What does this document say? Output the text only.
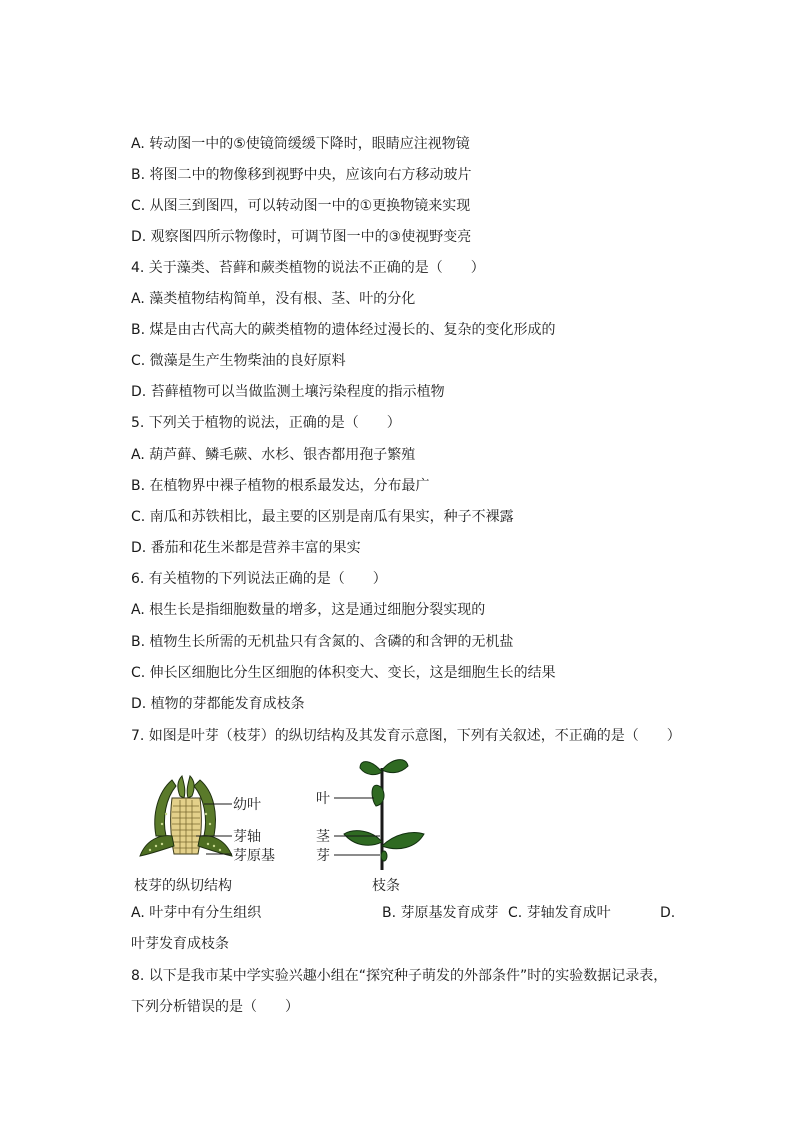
A. 转动图一中的⑤使镜筒缓缓下降时，眼睛应注视物镜
B. 将图二中的物像移到视野中央，应该向右方移动玻片
C. 从图三到图四，可以转动图一中的①更换物镜来实现
D. 观察图四所示物像时，可调节图一中的③使视野变亮
4. 关于藻类、苔藓和蕨类植物的说法不正确的是（　　）
A. 藻类植物结构简单，没有根、茎、叶的分化
B. 煤是由古代高大的蕨类植物的遗体经过漫长的、复杂的变化形成的
C. 微藻是生产生物柴油的良好原料
D. 苔藓植物可以当做监测土壤污染程度的指示植物
5. 下列关于植物的说法，正确的是（　　）
A. 葫芦藓、鳞毛蕨、水杉、银杏都用孢子繁殖
B. 在植物界中裸子植物的根系最发达，分布最广
C. 南瓜和苏铁相比，最主要的区别是南瓜有果实，种子不裸露
D. 番茄和花生米都是营养丰富的果实
6. 有关植物的下列说法正确的是（　　）
A. 根生长是指细胞数量的增多，这是通过细胞分裂实现的
B. 植物生长所需的无机盐只有含氮的、含磷的和含钾的无机盐
C. 伸长区细胞比分生区细胞的体积变大、变长，这是细胞生长的结果
D. 植物的芽都能发育成枝条
7. 如图是叶芽（枝芽）的纵切结构及其发育示意图，下列有关叙述，不正确的是（　　）
幼叶
芽轴
芽原基
枝芽的纵切结构
叶
茎
芽
枝条
A. 叶芽中有分生组织	B. 芽原基发育成芽 C. 芽轴发育成叶	D.
叶芽发育成枝条
8. 以下是我市某中学实验兴趣小组在“探究种子萌发的外部条件”时的实验数据记录表，
下列分析错误的是（　　）
